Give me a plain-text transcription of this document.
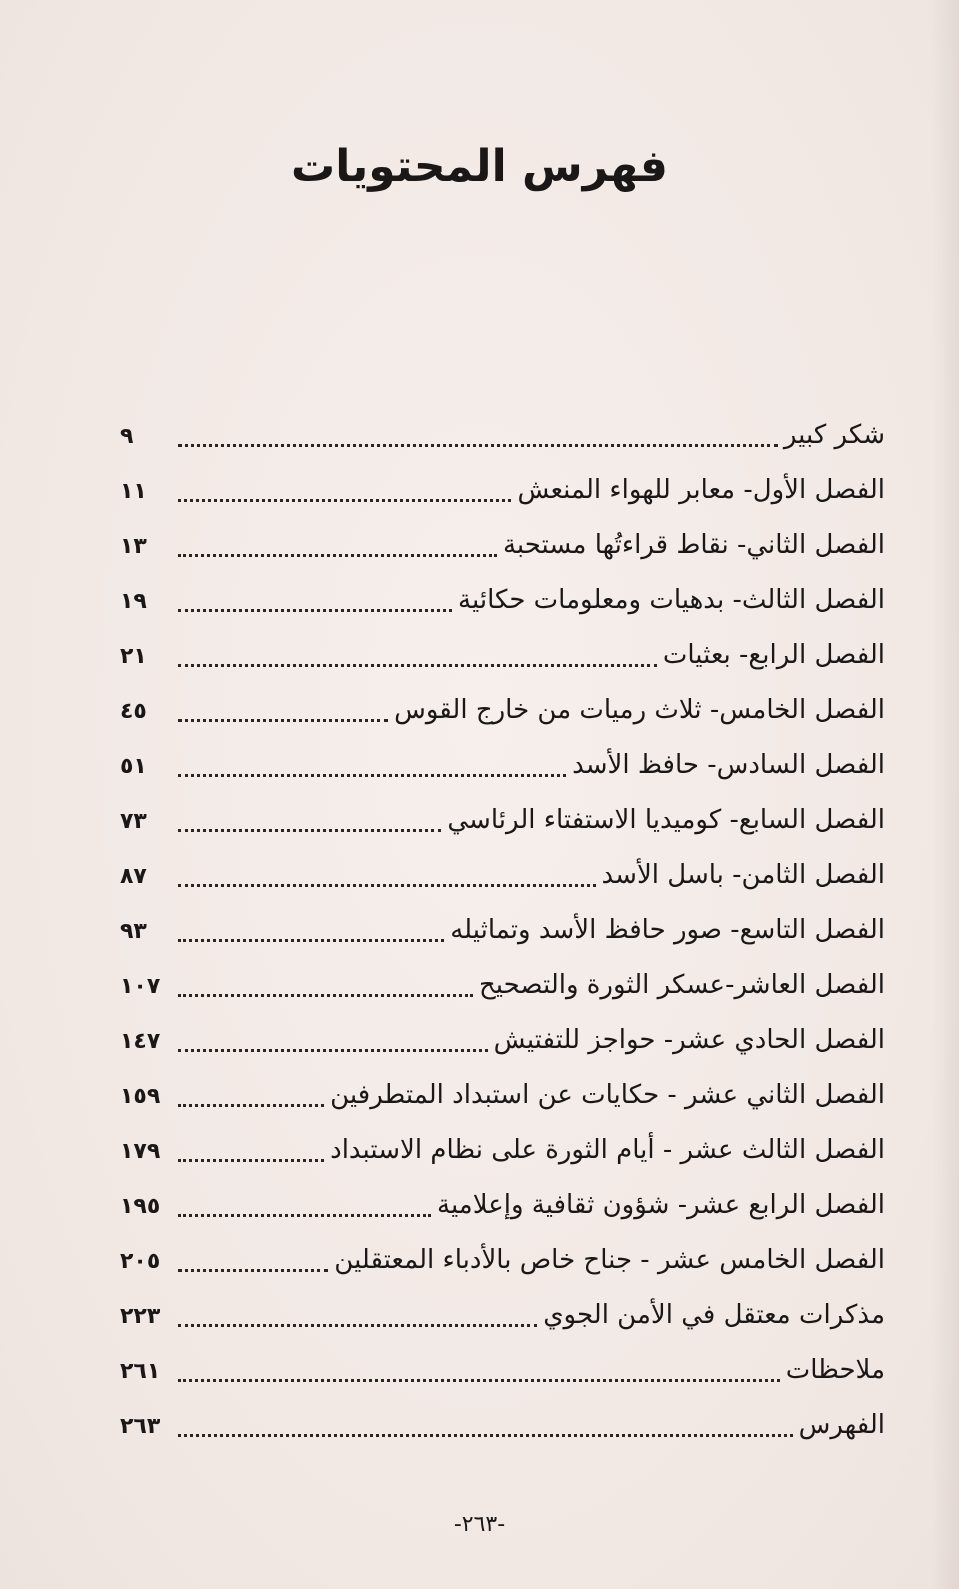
فهرس المحتويات
شكر كبير
٩
الفصل الأول- معابر للهواء المنعش
١١
الفصل الثاني- نقاط قراءتُها مستحبة
١٣
الفصل الثالث- بدهيات ومعلومات حكائية
١٩
الفصل الرابع- بعثيات
٢١
الفصل الخامس- ثلاث رميات من خارج القوس
٤٥
الفصل السادس- حافظ الأسد
٥١
الفصل السابع- كوميديا الاستفتاء الرئاسي
٧٣
الفصل الثامن- باسل الأسد
٨٧
الفصل التاسع- صور حافظ الأسد وتماثيله
٩٣
الفصل العاشر-عسكر الثورة والتصحيح
١٠٧
الفصل الحادي عشر- حواجز للتفتيش
١٤٧
الفصل الثاني عشر - حكايات عن استبداد المتطرفين
١٥٩
الفصل الثالث عشر - أيام الثورة على نظام الاستبداد
١٧٩
الفصل الرابع عشر- شؤون ثقافية وإعلامية
١٩٥
الفصل الخامس عشر - جناح خاص بالأدباء المعتقلين
٢٠٥
مذكرات معتقل في الأمن الجوي
٢٢٣
ملاحظات
٢٦١
الفهرس
٢٦٣
-٢٦٣-
